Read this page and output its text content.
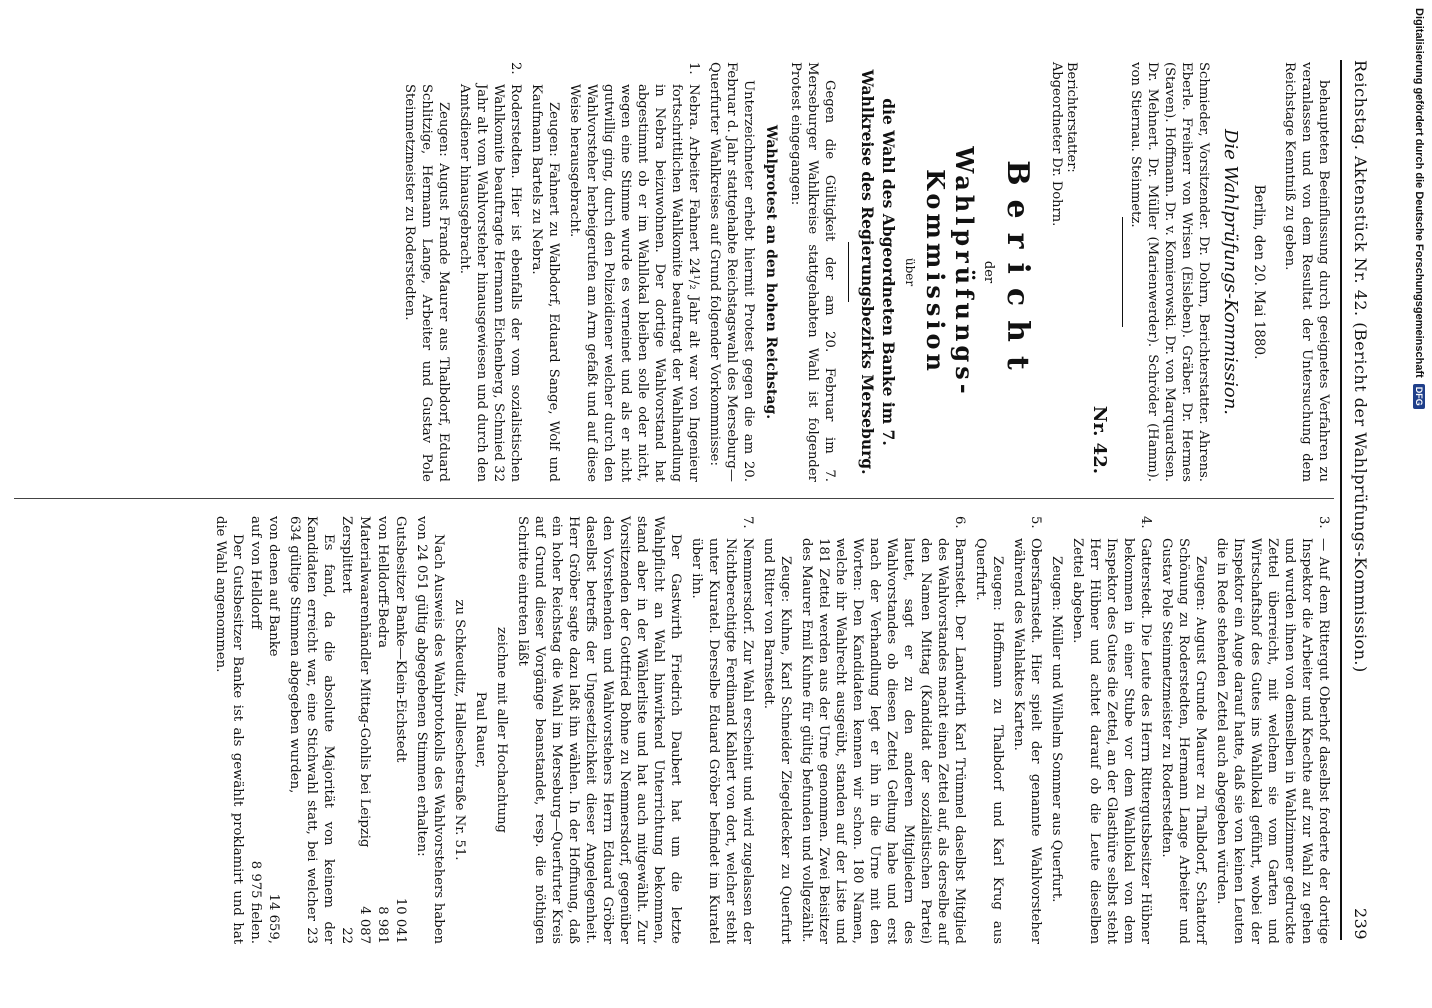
Reichstag. Aktenstück Nr. 42. (Bericht der Wahlprüfungs-Kommission.)
239

behaupteten Beeinflussung durch geeignetes Verfahren zu veranlassen und von dem Resultat der Untersuchung dem Reichstage Kenntniß zu geben.

Berlin, den 20. Mai 1880.

Die Wahlprüfungs-Kommission.

Schmieder, Vorsitzender. Dr. Dohrn, Berichterstatter. Ahrens. Eberle. Freiherr von Wrisen (Eisleben). Gräber. Dr. Hermes (Staven). Hoffmann. Dr. v. Komierowski. Dr. von Marquardsen. Dr. Mehnert. Dr. Müller (Marienwerder). Schröder (Hamm). von Stiernau. Steinmetz.

Nr. 42.

Berichterstatter:

Abgeordneter Dr. Dohrn.

Bericht

der

Wahlprüfungs-Kommission

über

die Wahl des Abgeordneten Banke im 7. Wahlkreise des Regierungsbezirks Merseburg.

Gegen die Gültigkeit der am 20. Februar im 7. Merseburger Wahlkreise stattgehabten Wahl ist folgender Protest eingegangen:

Wahlprotest an den hohen Reichstag.

Unterzeichneter erhebt hiermit Protest gegen die am 20. Februar d. Jahr stattgehabte Reichstagswahl des Merseburg—Querfurter Wahlkreises auf Grund folgender Vorkommnisse:

1.

Nebra. Arbeiter Fahnert 24¹/₂ Jahr alt war von Ingenieur fortschrittlichen Wahlkomite beauftragt der Wahlhandlung in Nebra beizuwohnen. Der dortige Wahlvorstand hat abgestimmt ob er im Wahllokal bleiben solle oder nicht, wegen eine Stimme wurde es verneinet und als er nicht gutwillig ging, durch den Polizeidiener welcher durch den Wahlvorsteher herbeigerufen am Arm gefaßt und auf diese Weise herausgebracht.

Zeugen: Fahnert zu Walbdorf, Eduard Sange, Wolf und Kaufmann Bartels zu Nebra.

2.

Roderstedten. Hier ist ebenfalls der vom sozialistischen Wahlkomite beauftragte Hermann Eichenberg, Schmied 32 Jahr alt vom Wahlvorsteher hinausgewiesen und durch den Amtsdiener hinausgebracht.

Zeugen: August Frande Maurer aus Thalbdorf, Eduard Schlitzige, Hermann Lange, Arbeiter und Gustav Pole Steinmetzmeister zu Roderstedten.

3.

— Auf dem Rittergut Oberhof daselbst forderte der dortige Inspektor die Arbeiter und Knechte auf zur Wahl zu gehen und wurden ihnen von demselben in Wahlzimmer gedruckte Zettel überreicht, mit welchem sie vom Garten und Wirtschaftshof des Gutes ins Wahllokal geführt, wobei der Inspektor ein Auge darauf hatte, daß sie von keinen Leuten die in Rede stehenden Zettel auch abgegeben würden.

Zeugen: August Grunde Maurer zu Thalbdorf, Schattorf Schönung zu Roderstedten, Hermann Lange Arbeiter und Gustav Pole Steinmetzmeister zu Roderstedten.

4.

Gatterstedt. Die Leute des Herrn Rittergutsbesitzer Hübner bekommen in einer Stube vor dem Wahllokal von dem Inspektor des Gutes die Zettel, an der Glasthüre selbst steht Herr Hübner und achtet darauf ob die Leute dieselben Zettel abgeben.

Zeugen: Müller und Wilhelm Sommer aus Querfurt.

5.

Obersfarnstedt. Hier spielt der genannte Wahlvorsteher während des Wahlaktes Karten.

Zeugen: Hoffmann zu Thalbdorf und Karl Krug aus Querfurt.

6.

Barnstedt. Der Landwirth Karl Trümmel daselbst Mitglied des Wahlvorstandes macht einen Zettel auf, als derselbe auf den Namen Mittag (Kandidat der sozialistischen Partei) lautet, sagt er zu den anderen Mitgliedern des Wahlvorstandes ob diesen Zettel Geltung habe und erst nach der Verhandlung legt er ihn in die Urne mit den Worten: Den Kandidaten kennen wir schon. 180 Namen, welche ihr Wahlrecht ausgeübt, standen auf der Liste und 181 Zettel werden aus der Urne genommen. Zwei Beisitzer des Maurer Emil Kuhne für gültig befunden und vollgezählt.

Zeuge: Kuhne, Karl Schneider Ziegeldecker zu Querfurt und Ritter von Barnstedt.

7.

Nemmersdorf. Zur Wahl erscheint und wird zugelassen der Nichtberechtigte Ferdinand Kahlert von dort, welcher steht unter Kuratel. Derselbe Eduard Gröber befindet im Kuratel über ihn.

Der Gastwirth Friedrich Daubert hat um die letzte Wahlpflicht an Wahl hinwirkend Unterrichtung bekommen, stand aber in der Wählerliste und hat auch mitgewählt. Zur Vorsitzenden der Gottfried Bohne zu Nemmersdorf, gegenüber den Vorstehenden und Wahlvorstehers Herrn Eduard Gröber daselbst betreffs der Ungesetzlichkeit dieser Angelegenheit. Herr Gröber sagte dazu laßt ihn wählen. In der Hoffnung, daß ein hoher Reichstag die Wahl im Merseburg—Querfurter Kreis auf Grund dieser Vorgänge beanstandet, resp. die nöthigen Schritte eintreten läßt

zeichne mit aller Hochachtung

Paul Rauer,

zu Schkeuditz, Halleschestraße Nr. 51.

Nach Ausweis des Wahlprotokolls des Wahlvorstehers haben von 24 051 gültig abgegebenen Stimmen erhalten:

Gutsbesitzer Banke—Klein-Eichstedt
10 041
von Helldorff-Bedra
8 981
Materialwaarenhändler Mittag-Gohlis bei Leipzig
4 087
Zersplittert
22

Es fand, da die absolute Majorität von keinem der Kandidaten erreicht war, eine Stichwahl statt, bei welcher 23 634 gültige Stimmen abgegeben wurden,

von denen auf Banke
14 659,
auf von Helldorff
8 975 fielen.

Der Gutsbesitzer Banke ist als gewählt proklamirt und hat die Wahl angenommen.

Digitalisierung gefördert durch die Deutsche Forschungsgemeinschaft
DFG
